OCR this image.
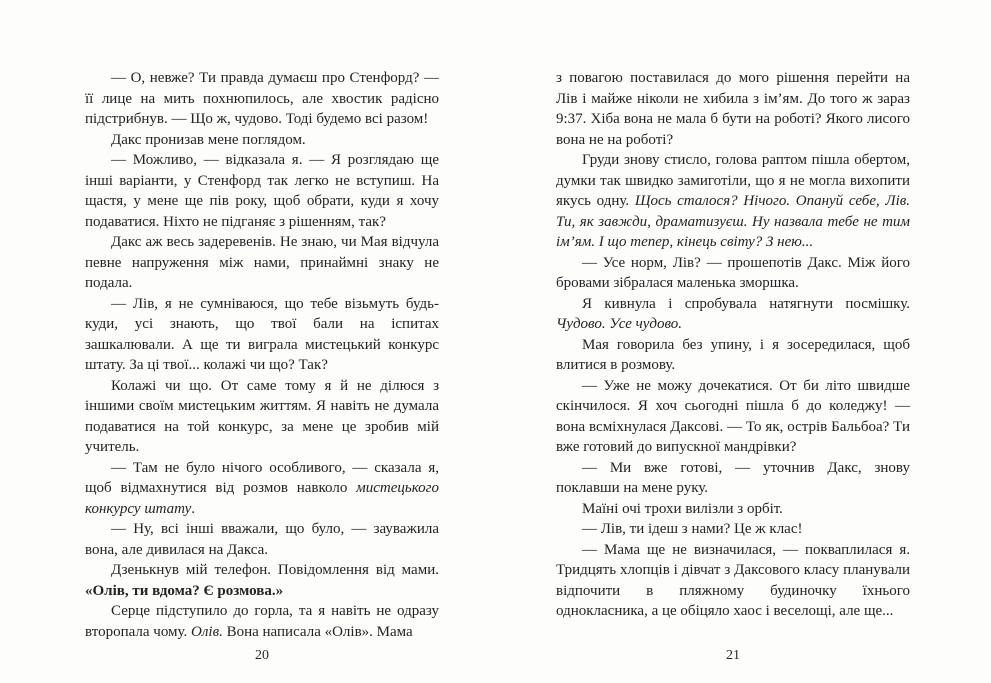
— О, невже? Ти правда думаєш про Стенфорд? — її лице на мить похнюпилось, але хвостик радісно підстрибнув. — Що ж, чудово. Тоді будемо всі разом!

Дакс пронизав мене поглядом.

— Можливо, — відказала я. — Я розглядаю ще інші варіанти, у Стенфорд так легко не вступиш. На щастя, у мене ще пів року, щоб обрати, куди я хочу подаватися. Ніхто не підганяє з рішенням, так?

Дакс аж весь задеревенів. Не знаю, чи Мая відчула певне напруження між нами, принаймні знаку не подала.

— Лів, я не сумніваюся, що тебе візьмуть будь-куди, усі знають, що твої бали на іспитах зашкалювали. А ще ти виграла мистецький конкурс штату. За ці твої... колажі чи що? Так?

Колажі чи що. От саме тому я й не ділюся з іншими своїм мистецьким життям. Я навіть не думала подаватися на той конкурс, за мене це зробив мій учитель.

— Там не було нічого особливого, — сказала я, щоб відмахнутися від розмов навколо мистецького конкурсу штату.

— Ну, всі інші вважали, що було, — зауважила вона, але дивилася на Дакса.

Дзенькнув мій телефон. Повідомлення від мами. «Олів, ти вдома? Є розмова.»

Серце підступило до горла, та я навіть не одразу второпала чому. Олів. Вона написала «Олів». Мама

20

з повагою поставилася до мого рішення перейти на Лів і майже ніколи не хибила з ім’ям. До того ж зараз 9:37. Хіба вона не мала б бути на роботі? Якого лисого вона не на роботі?

Груди знову стисло, голова раптом пішла обертом, думки так швидко замиготіли, що я не могла вихопити якусь одну. Щось сталося? Нічого. Опануй себе, Лів. Ти, як завжди, драматизуєш. Ну назвала тебе не тим ім’ям. І що тепер, кінець світу? З нею...

— Усе норм, Лів? — прошепотів Дакс. Між його бровами зібралася маленька зморшка.

Я кивнула і спробувала натягнути посмішку. Чудово. Усе чудово.

Мая говорила без упину, і я зосередилася, щоб влитися в розмову.

— Уже не можу дочекатися. От би літо швидше скінчилося. Я хоч сьогодні пішла б до коледжу! — вона всміхнулася Даксові. — То як, острів Бальбоа? Ти вже готовий до випускної мандрівки?

— Ми вже готові, — уточнив Дакс, знову поклавши на мене руку.

Маїні очі трохи вилізли з орбіт.

— Лів, ти ідеш з нами? Це ж клас!

— Мама ще не визначилася, — покваплилася я. Тридцять хлопців і дівчат з Даксового класу планували відпочити в пляжному будиночку їхнього однокласника, а це обіцяло хаос і веселощі, але ще...

21
